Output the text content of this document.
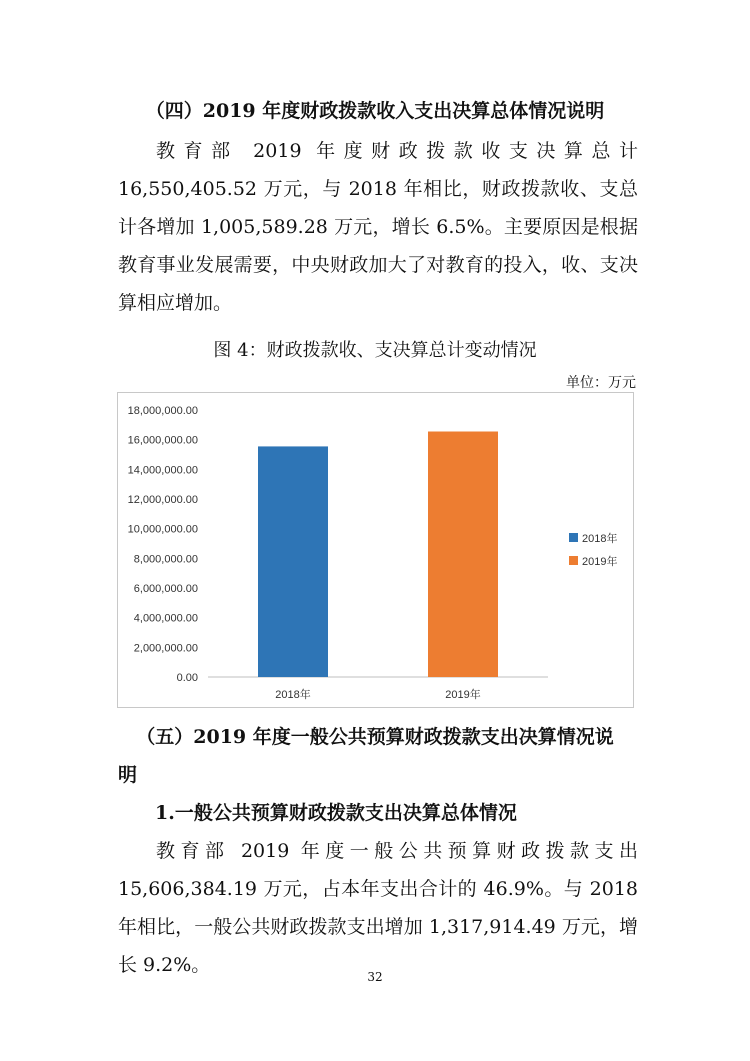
（四）2019 年度财政拨款收入支出决算总体情况说明

教育部 2019 年度财政拨款收支决算总计 16,550,405.52 万元，与 2018 年相比，财政拨款收、支总计各增加 1,005,589.28 万元，增长 6.5%。主要原因是根据教育事业发展需要，中央财政加大了对教育的投入，收、支决算相应增加。

图 4：财政拨款收、支决算总计变动情况
单位：万元
0.00
2,000,000.00
4,000,000.00
6,000,000.00
8,000,000.00
10,000,000.00
12,000,000.00
14,000,000.00
16,000,000.00
18,000,000.00
2018年	2019年
2018年
2019年
（五）2019 年度一般公共预算财政拨款支出决算情况说
明
1.一般公共预算财政拨款支出决算总体情况

教育部 2019 年度一般公共预算财政拨款支出 15,606,384.19 万元，占本年支出合计的 46.9%。与 2018 年相比，一般公共财政拨款支出增加 1,317,914.49 万元，增长 9.2%。

32
